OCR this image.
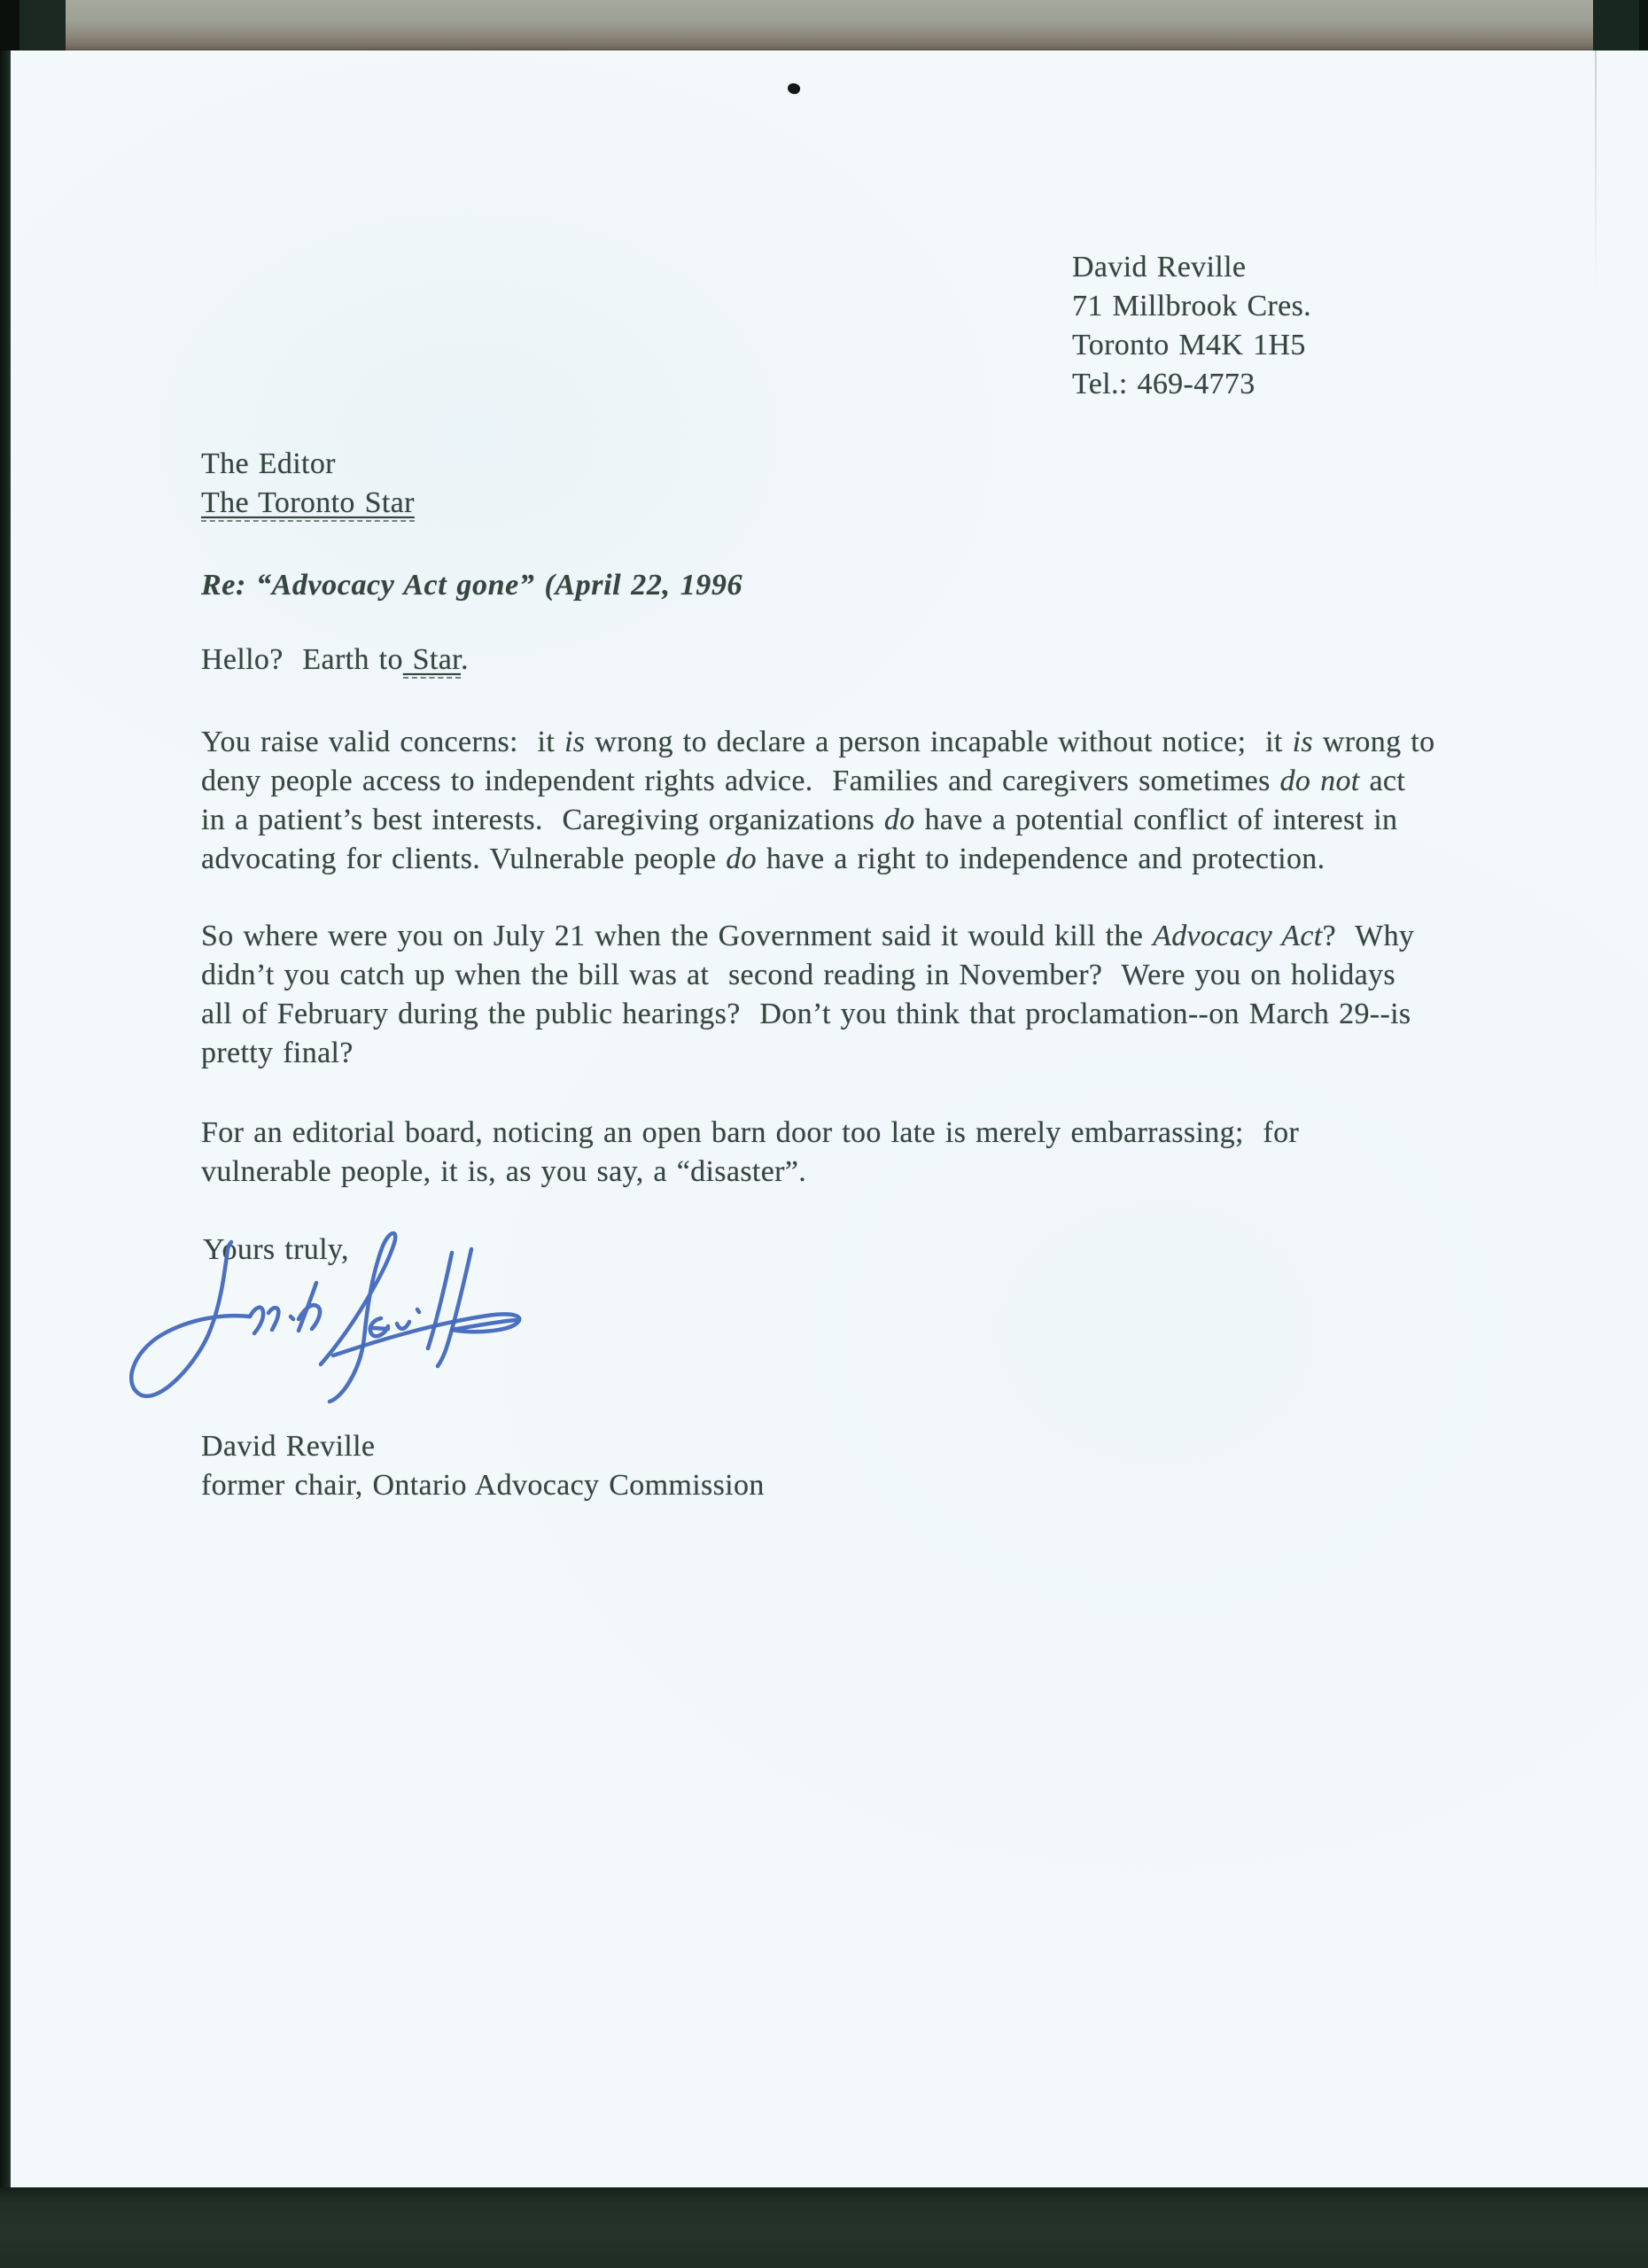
David Reville
71 Millbrook Cres.
Toronto M4K 1H5
Tel.: 469-4773
The Editor
The Toronto Star
Re: “Advocacy Act gone” (April 22, 1996
Hello?  Earth to Star.
You raise valid concerns:  it is wrong to declare a person incapable without notice;  it is wrong to
deny people access to independent rights advice.  Families and caregivers sometimes do not act
in a patient’s best interests.  Caregiving organizations do have a potential conflict of interest in
advocating for clients. Vulnerable people do have a right to independence and protection.
So where were you on July 21 when the Government said it would kill the Advocacy Act?  Why
didn’t you catch up when the bill was at  second reading in November?  Were you on holidays
all of February during the public hearings?  Don’t you think that proclamation--on March 29--is
pretty final?
For an editorial board, noticing an open barn door too late is merely embarrassing;  for
vulnerable people, it is, as you say, a “disaster”.
Yours truly,
David Reville
former chair, Ontario Advocacy Commission
